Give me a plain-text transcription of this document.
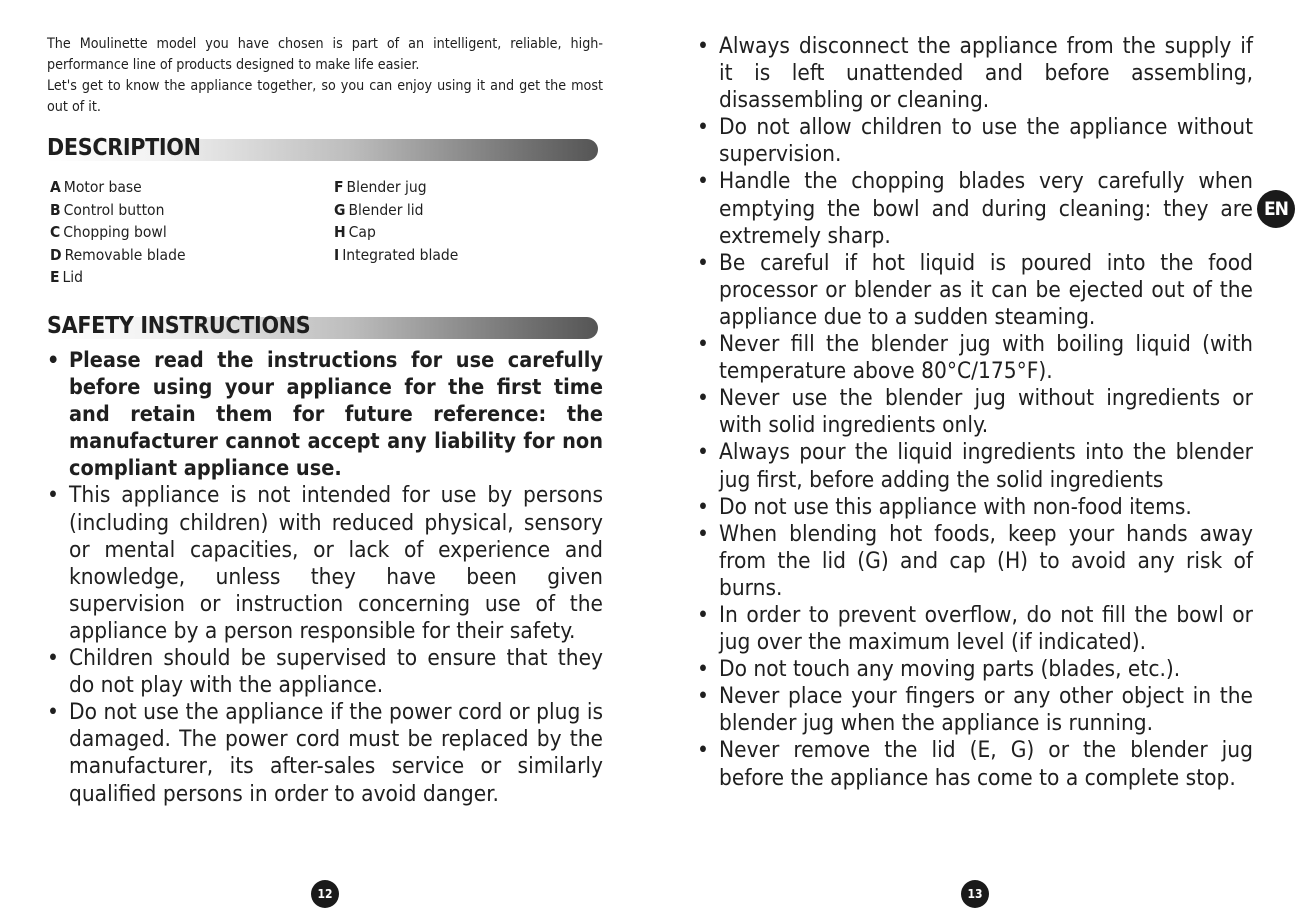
The Moulinette model you have chosen is part of an intelligent, reliable, high-performance line of products designed to make life easier.

Let's get to know the appliance together, so you can enjoy using it and get the most out of it.

DESCRIPTION
A Motor base
B Control button
C Chopping bowl
D Removable blade
E Lid
F Blender jug
G Blender lid
H Cap
I Integrated blade
SAFETY INSTRUCTIONS
• Please read the instructions for use carefully before using your appliance for the first time and retain them for future reference: the manufacturer cannot accept any liability for non compliant appliance use.
• This appliance is not intended for use by persons (including children) with reduced physical, sensory or mental capacities, or lack of experience and knowledge, unless they have been given supervision or instruction concerning use of the appliance by a person responsible for their safety.
• Children should be supervised to ensure that they do not play with the appliance.
• Do not use the appliance if the power cord or plug is damaged. The power cord must be replaced by the manufacturer, its after-sales service or similarly qualified persons in order to avoid danger.
• Always disconnect the appliance from the supply if it is left unattended and before assembling, disassembling or cleaning.
• Do not allow children to use the appliance without supervision.
• Handle the chopping blades very carefully when emptying the bowl and during cleaning: they are extremely sharp.
• Be careful if hot liquid is poured into the food processor or blender as it can be ejected out of the appliance due to a sudden steaming.
• Never fill the blender jug with boiling liquid (with temperature above 80°C/175°F).
• Never use the blender jug without ingredients or with solid ingredients only.
• Always pour the liquid ingredients into the blender jug first, before adding the solid ingredients
• Do not use this appliance with non-food items.
• When blending hot foods, keep your hands away from the lid (G) and cap (H) to avoid any risk of burns.
• In order to prevent overflow, do not fill the bowl or jug over the maximum level (if indicated).
• Do not touch any moving parts (blades, etc.).
• Never place your fingers or any other object in the blender jug when the appliance is running.
• Never remove the lid (E, G) or the blender jug before the appliance has come to a complete stop.
EN
12	13
